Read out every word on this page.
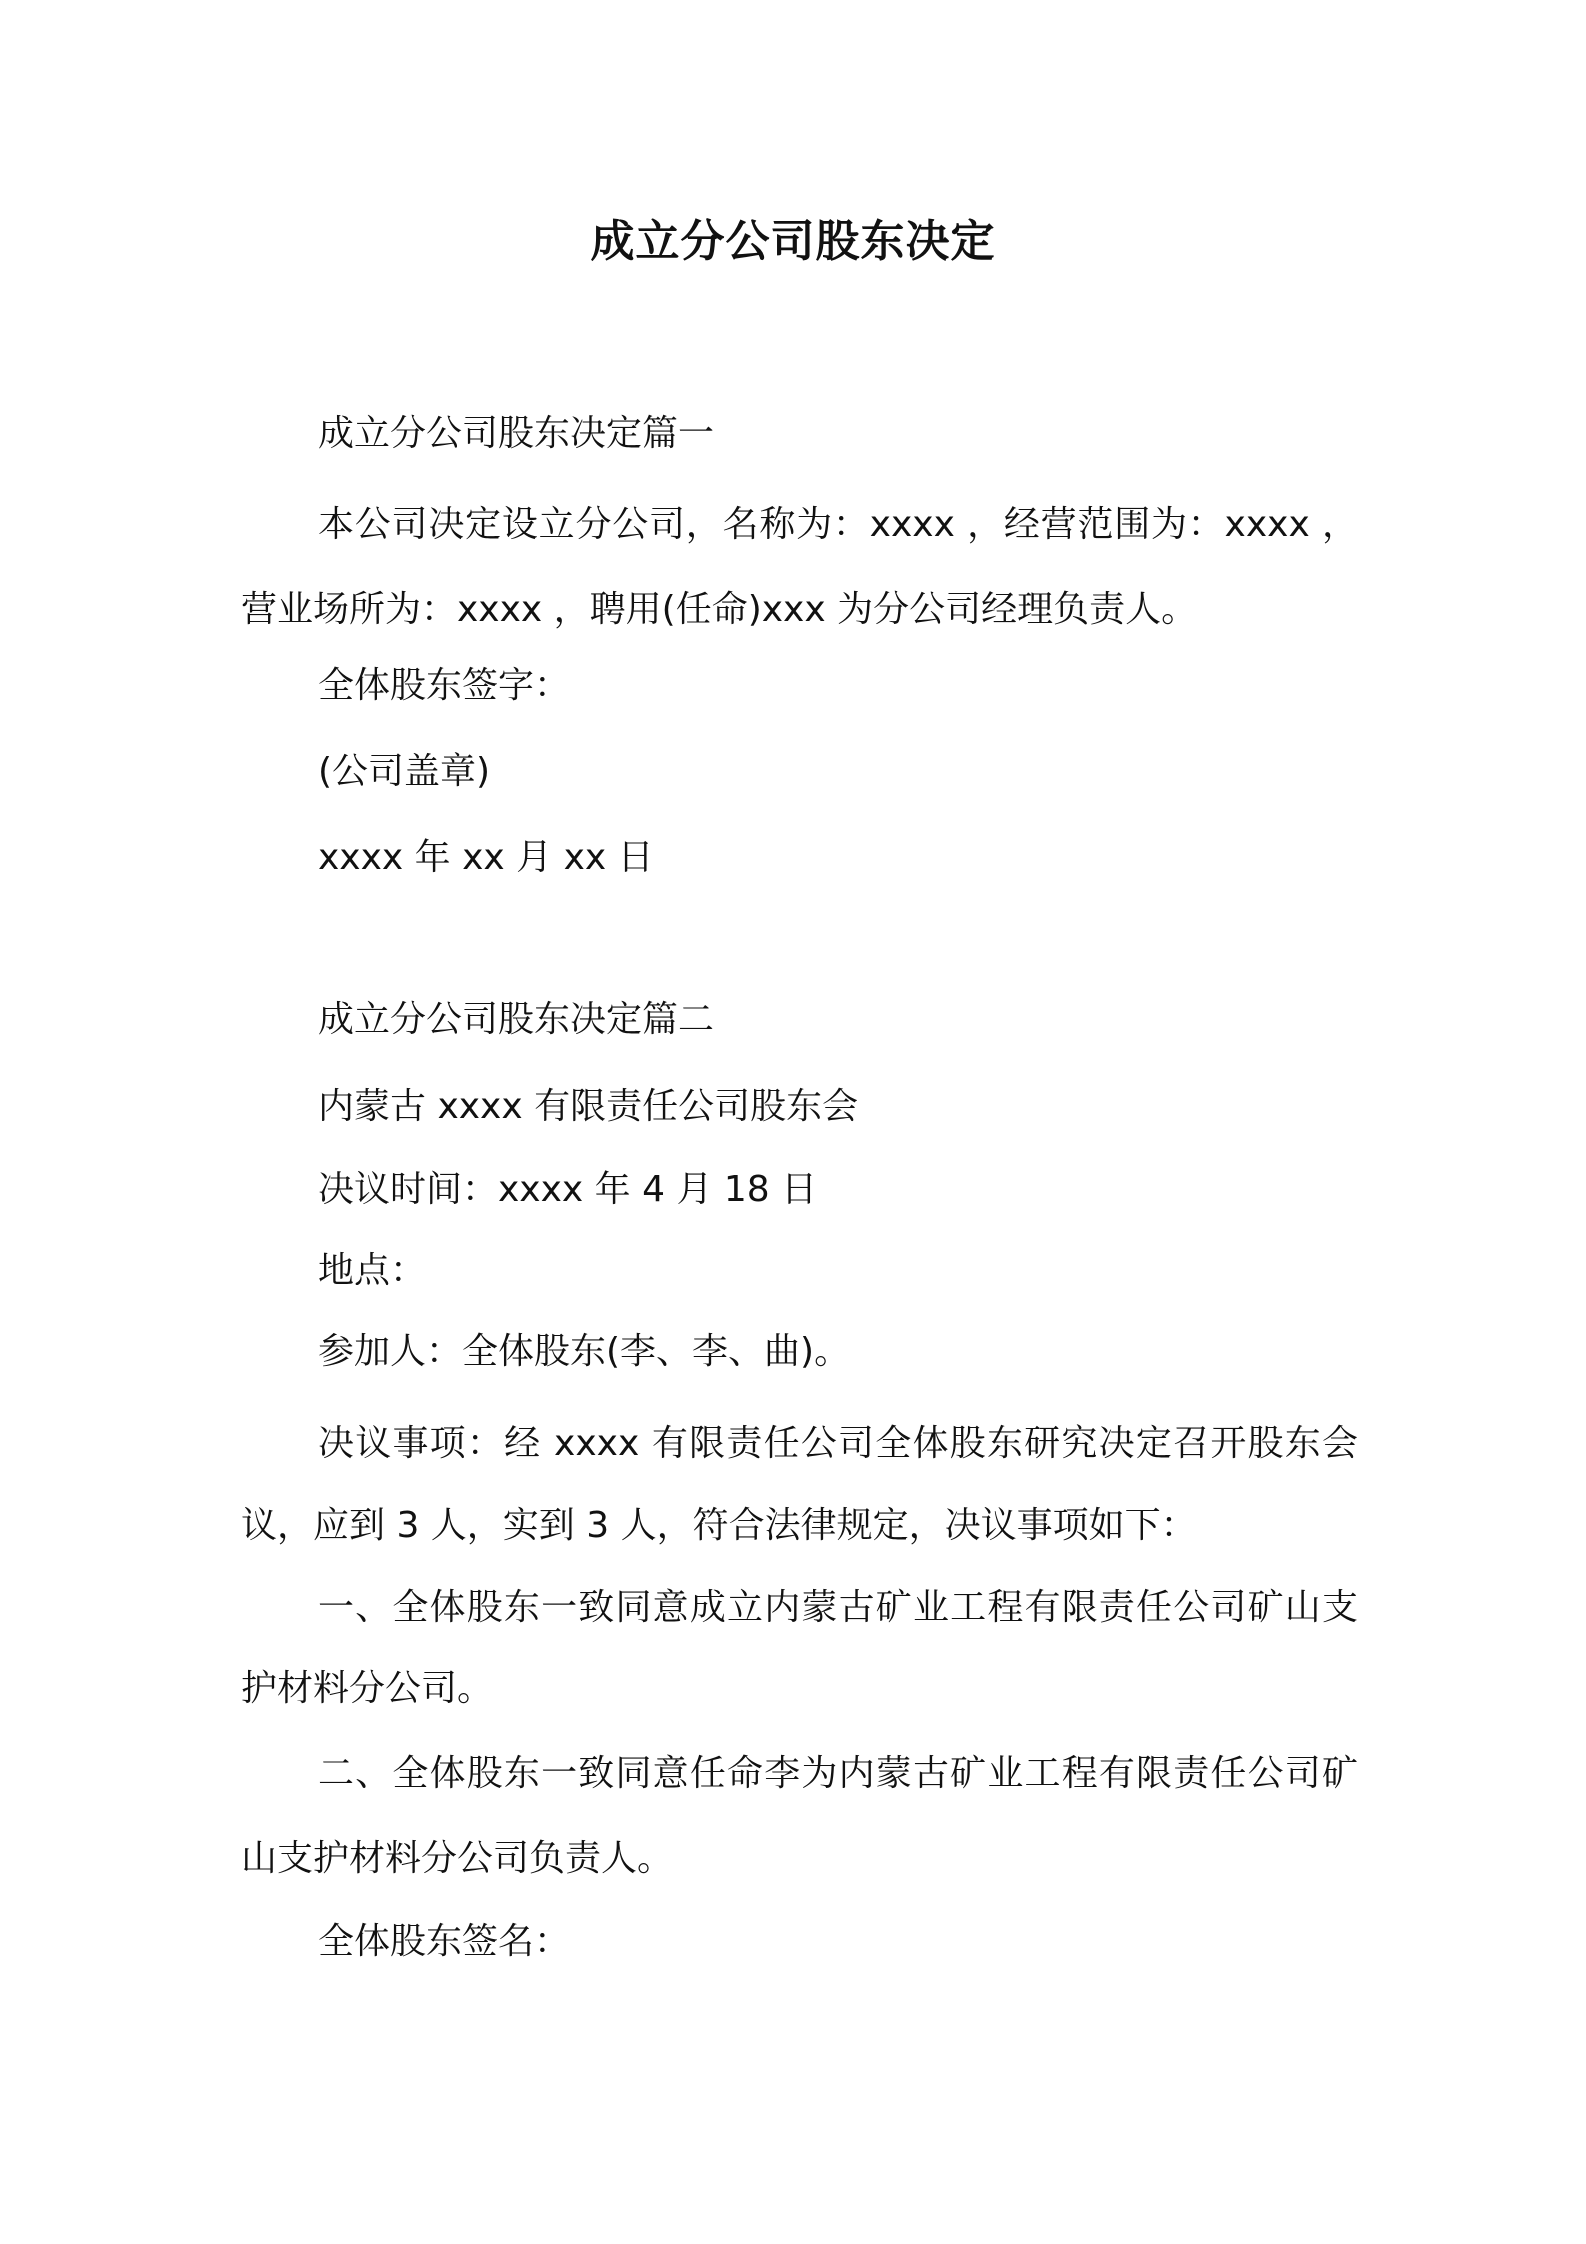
成立分公司股东决定
成立分公司股东决定篇一
本公司决定设立分公司，名称为：xxxx ，经营范围为：xxxx ，
营业场所为：xxxx ，聘用(任命)xxx 为分公司经理负责人。
全体股东签字：
(公司盖章)
xxxx 年 xx 月 xx 日
成立分公司股东决定篇二
内蒙古 xxxx 有限责任公司股东会
决议时间：xxxx 年 4 月 18 日
地点：
参加人：全体股东(李、李、曲)。
决议事项：经 xxxx 有限责任公司全体股东研究决定召开股东会
议，应到 3 人，实到 3 人，符合法律规定，决议事项如下：
一、全体股东一致同意成立内蒙古矿业工程有限责任公司矿山支
护材料分公司。
二、全体股东一致同意任命李为内蒙古矿业工程有限责任公司矿
山支护材料分公司负责人。
全体股东签名：
